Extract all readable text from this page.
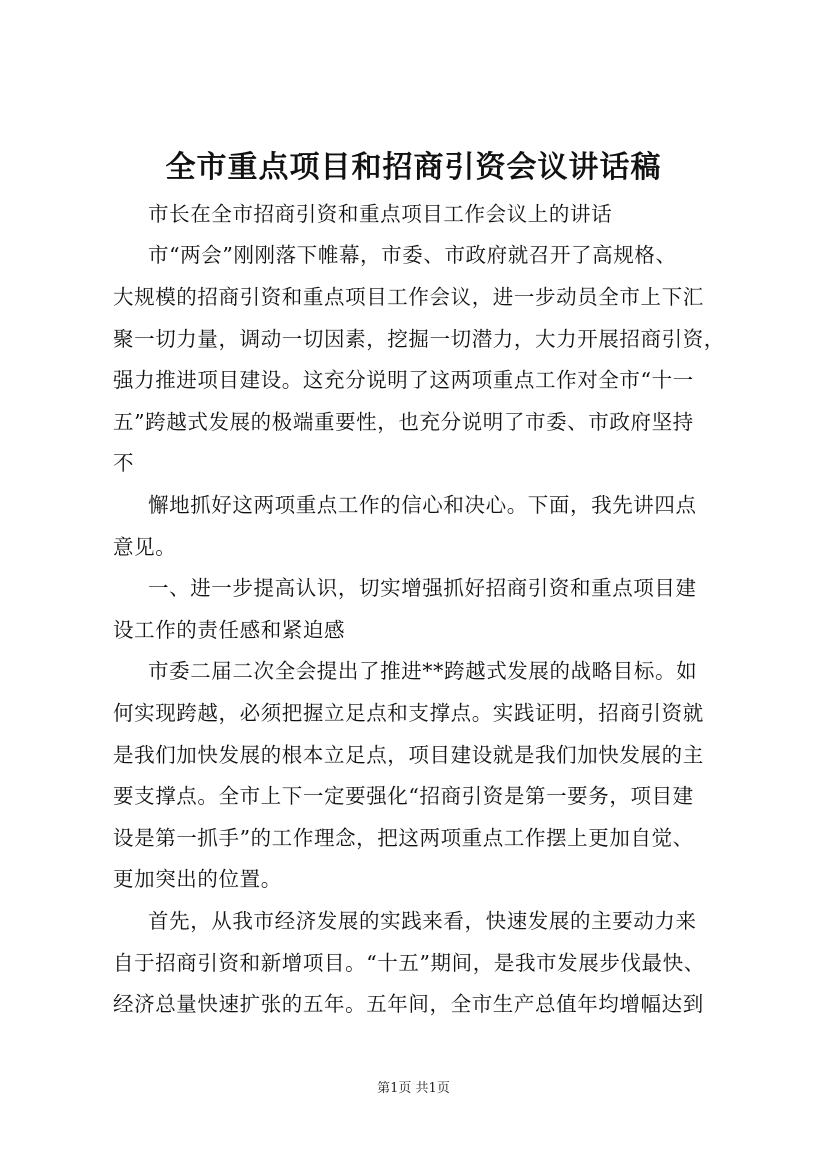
全市重点项目和招商引资会议讲话稿
市长在全市招商引资和重点项目工作会议上的讲话
市“两会”刚刚落下帷幕，市委、市政府就召开了高规格、
大规模的招商引资和重点项目工作会议，进一步动员全市上下汇
聚一切力量，调动一切因素，挖掘一切潜力，大力开展招商引资，
强力推进项目建设。这充分说明了这两项重点工作对全市“十一
五”跨越式发展的极端重要性，也充分说明了市委、市政府坚持
不
懈地抓好这两项重点工作的信心和决心。下面，我先讲四点
意见。
一、进一步提高认识，切实增强抓好招商引资和重点项目建
设工作的责任感和紧迫感
市委二届二次全会提出了推进**跨越式发展的战略目标。如
何实现跨越，必须把握立足点和支撑点。实践证明，招商引资就
是我们加快发展的根本立足点，项目建设就是我们加快发展的主
要支撑点。全市上下一定要强化“招商引资是第一要务，项目建
设是第一抓手”的工作理念，把这两项重点工作摆上更加自觉、
更加突出的位置。
首先，从我市经济发展的实践来看，快速发展的主要动力来
自于招商引资和新增项目。“十五”期间，是我市发展步伐最快、
经济总量快速扩张的五年。五年间，全市生产总值年均增幅达到
第1页 共1页
